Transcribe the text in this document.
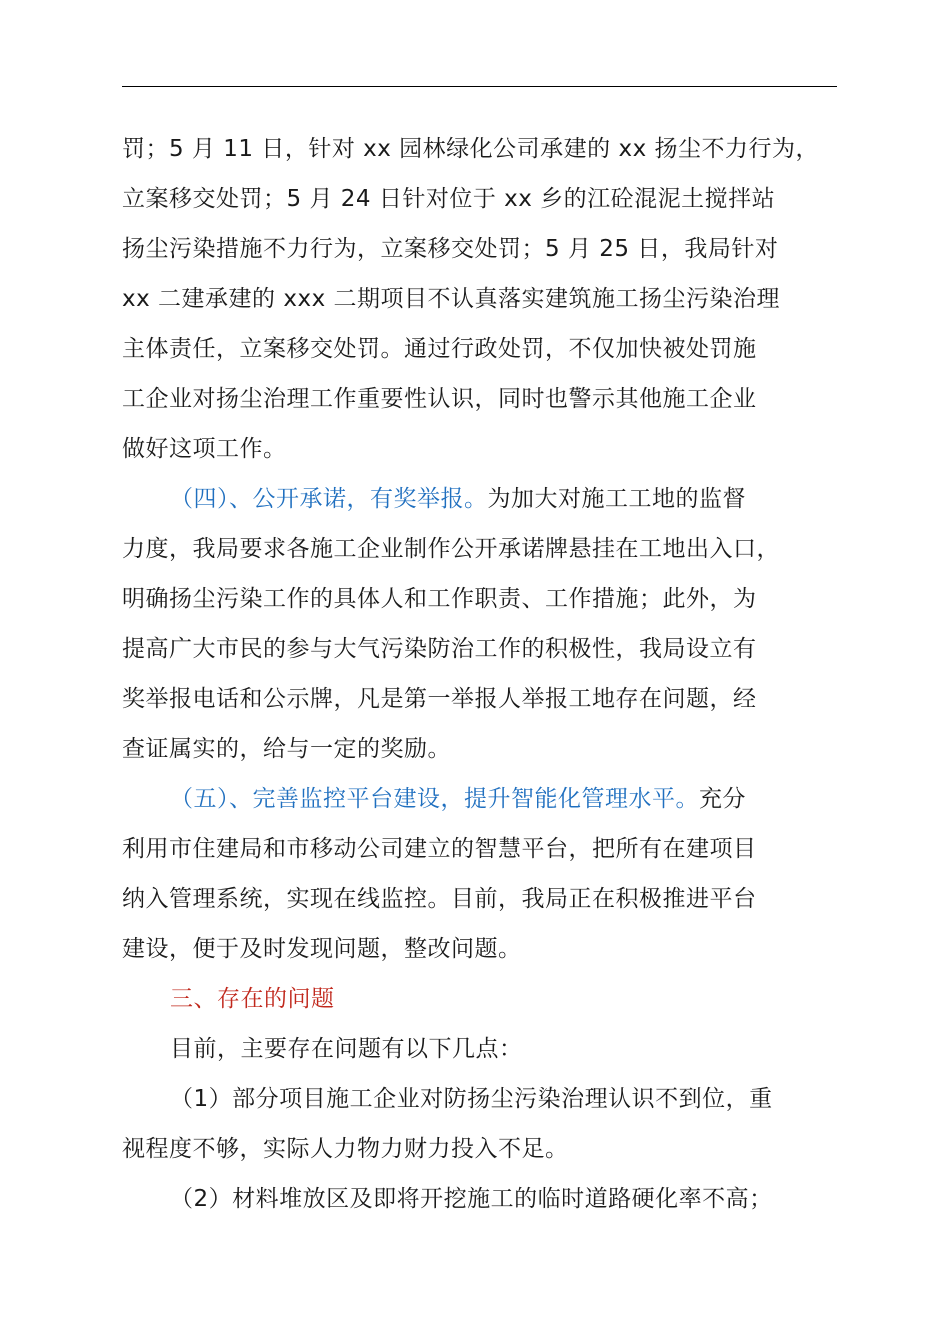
罚；5 月 11 日，针对 xx 园林绿化公司承建的 xx 扬尘不力行为，
立案移交处罚；5 月 24 日针对位于 xx 乡的江砼混泥土搅拌站
扬尘污染措施不力行为，立案移交处罚；5 月 25 日，我局针对
xx 二建承建的 xxx 二期项目不认真落实建筑施工扬尘污染治理
主体责任，立案移交处罚。通过行政处罚，不仅加快被处罚施
工企业对扬尘治理工作重要性认识，同时也警示其他施工企业
做好这项工作。
（四）、公开承诺，有奖举报。为加大对施工工地的监督
力度，我局要求各施工企业制作公开承诺牌悬挂在工地出入口，
明确扬尘污染工作的具体人和工作职责、工作措施；此外，为
提高广大市民的参与大气污染防治工作的积极性，我局设立有
奖举报电话和公示牌，凡是第一举报人举报工地存在问题，经
查证属实的，给与一定的奖励。
（五）、完善监控平台建设，提升智能化管理水平。充分
利用市住建局和市移动公司建立的智慧平台，把所有在建项目
纳入管理系统，实现在线监控。目前，我局正在积极推进平台
建设，便于及时发现问题，整改问题。
三、存在的问题
目前，主要存在问题有以下几点：
（1）部分项目施工企业对防扬尘污染治理认识不到位，重
视程度不够，实际人力物力财力投入不足。
（2）材料堆放区及即将开挖施工的临时道路硬化率不高；
